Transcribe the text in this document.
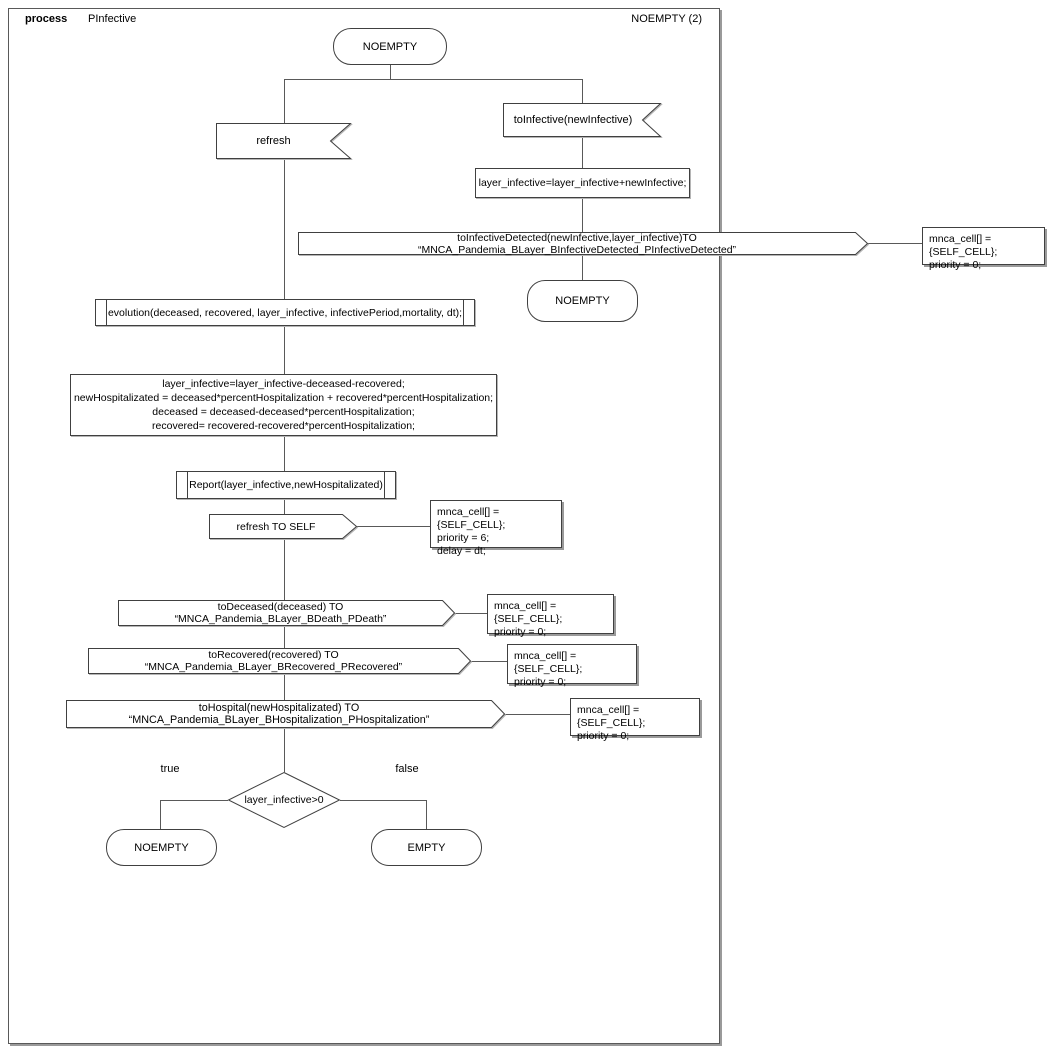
process PInfective	NOEMPTY (2)
NOEMPTY
refresh
toInfective(newInfective)
layer_infective=layer_infective+newInfective;
toInfectiveDetected(newInfective,layer_infective)TO “MNCA_Pandemia_BLayer_BInfectiveDetected_PInfectiveDetected”
mnca_cell[] = {SELF_CELL};
priority = 0;
NOEMPTY
evolution(deceased, recovered, layer_infective, infectivePeriod,mortality, dt);
layer_infective=layer_infective-deceased-recovered;
newHospitalizated = deceased*percentHospitalization + recovered*percentHospitalization;
deceased = deceased-deceased*percentHospitalization;
recovered= recovered-recovered*percentHospitalization;
Report(layer_infective,newHospitalizated)
refresh TO SELF
mnca_cell[] = {SELF_CELL};
priority = 6;
delay = dt;
toDeceased(deceased) TO “MNCA_Pandemia_BLayer_BDeath_PDeath”
mnca_cell[] = {SELF_CELL};
priority = 0;
toRecovered(recovered) TO “MNCA_Pandemia_BLayer_BRecovered_PRecovered”
mnca_cell[] = {SELF_CELL};
priority = 0;
toHospital(newHospitalizated) TO “MNCA_Pandemia_BLayer_BHospitalization_PHospitalization”
mnca_cell[] = {SELF_CELL};
priority = 0;
true	false
layer_infective>0
NOEMPTY	EMPTY
